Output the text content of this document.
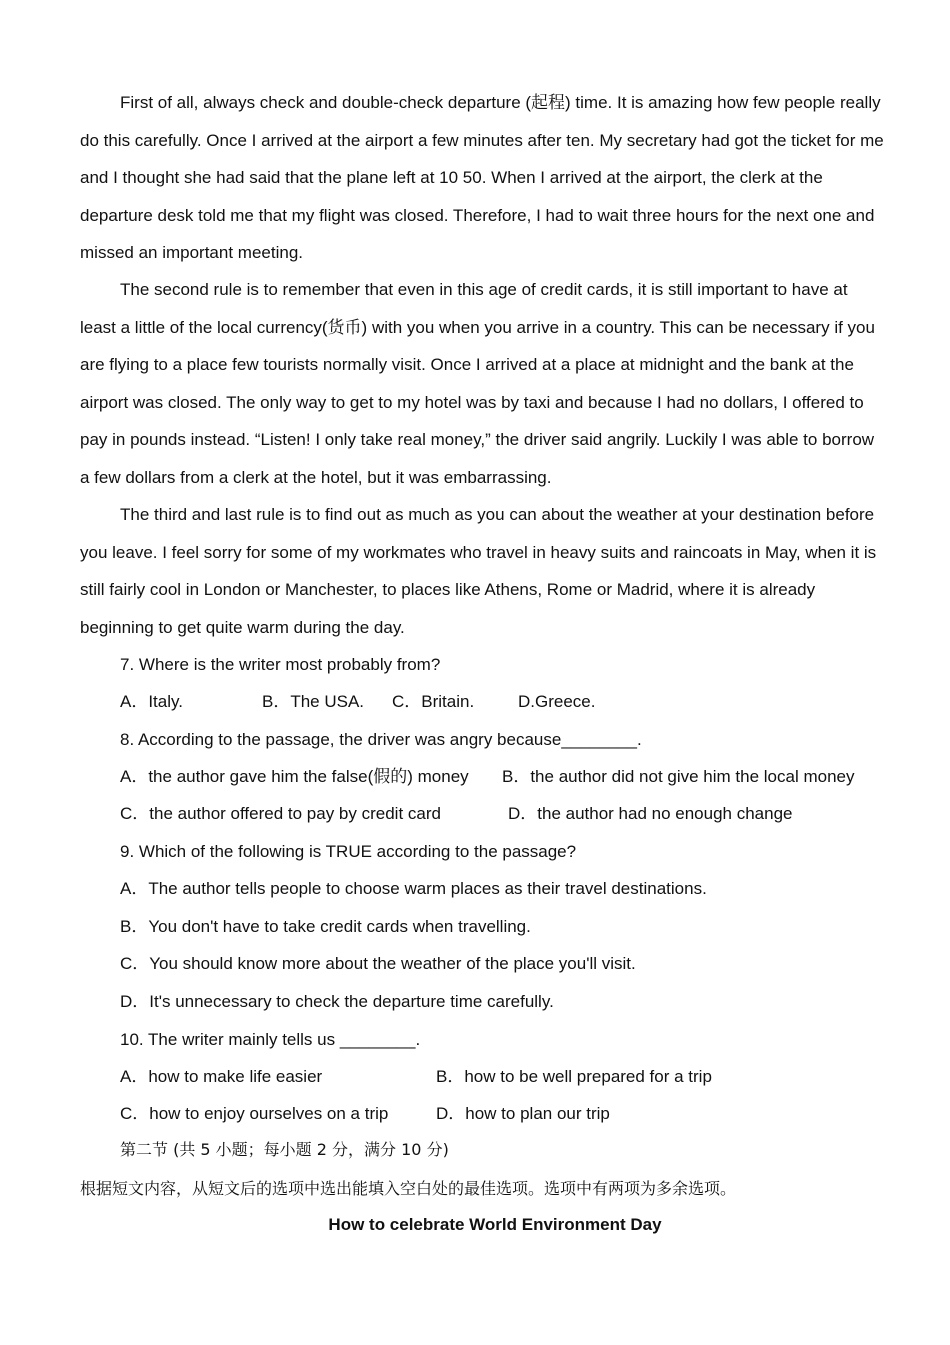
First of all, always check and double-check departure (起程) time. It is amazing how few people really do this carefully. Once I arrived at the airport a few minutes after ten. My secretary had got the ticket for me and I thought she had said that the plane left at 10 50. When I arrived at the airport, the clerk at the departure desk told me that my flight was closed. Therefore, I had to wait three hours for the next one and missed an important meeting.

The second rule is to remember that even in this age of credit cards, it is still important to have at least a little of the local currency(货币) with you when you arrive in a country. This can be necessary if you are flying to a place few tourists normally visit. Once I arrived at a place at midnight and the bank at the airport was closed. The only way to get to my hotel was by taxi and because I had no dollars, I offered to pay in pounds instead. “Listen! I only take real money,” the driver said angrily. Luckily I was able to borrow a few dollars from a clerk at the hotel, but it was embarrassing.

The third and last rule is to find out as much as you can about the weather at your destination before you leave. I feel sorry for some of my workmates who travel in heavy suits and raincoats in May, when it is still fairly cool in London or Manchester, to places like Athens, Rome or Madrid, where it is already beginning to get quite warm during the day.

7. Where is the writer most probably from?
A．Italy.	B．The USA. C．Britain.	D.Greece.
8. According to the passage, the driver was angry because________.
A．the author gave him the false(假的) money B．the author did not give him the local money
C．the author offered to pay by credit card	D．the author had no enough change
9. Which of the following is TRUE according to the passage?
A．The author tells people to choose warm places as their travel destinations.
B．You don't have to take credit cards when travelling.
C．You should know more about the weather of the place you'll visit.
D．It's unnecessary to check the departure time carefully.
10. The writer mainly tells us ________.
A．how to make life easier	B．how to be well prepared for a trip
C．how to enjoy ourselves on a trip	D．how to plan our trip
第二节 (共 5 小题；每小题 2 分，满分 10 分)
根据短文内容，从短文后的选项中选出能填入空白处的最佳选项。选项中有两项为多余选项。
How to celebrate World Environment Day
